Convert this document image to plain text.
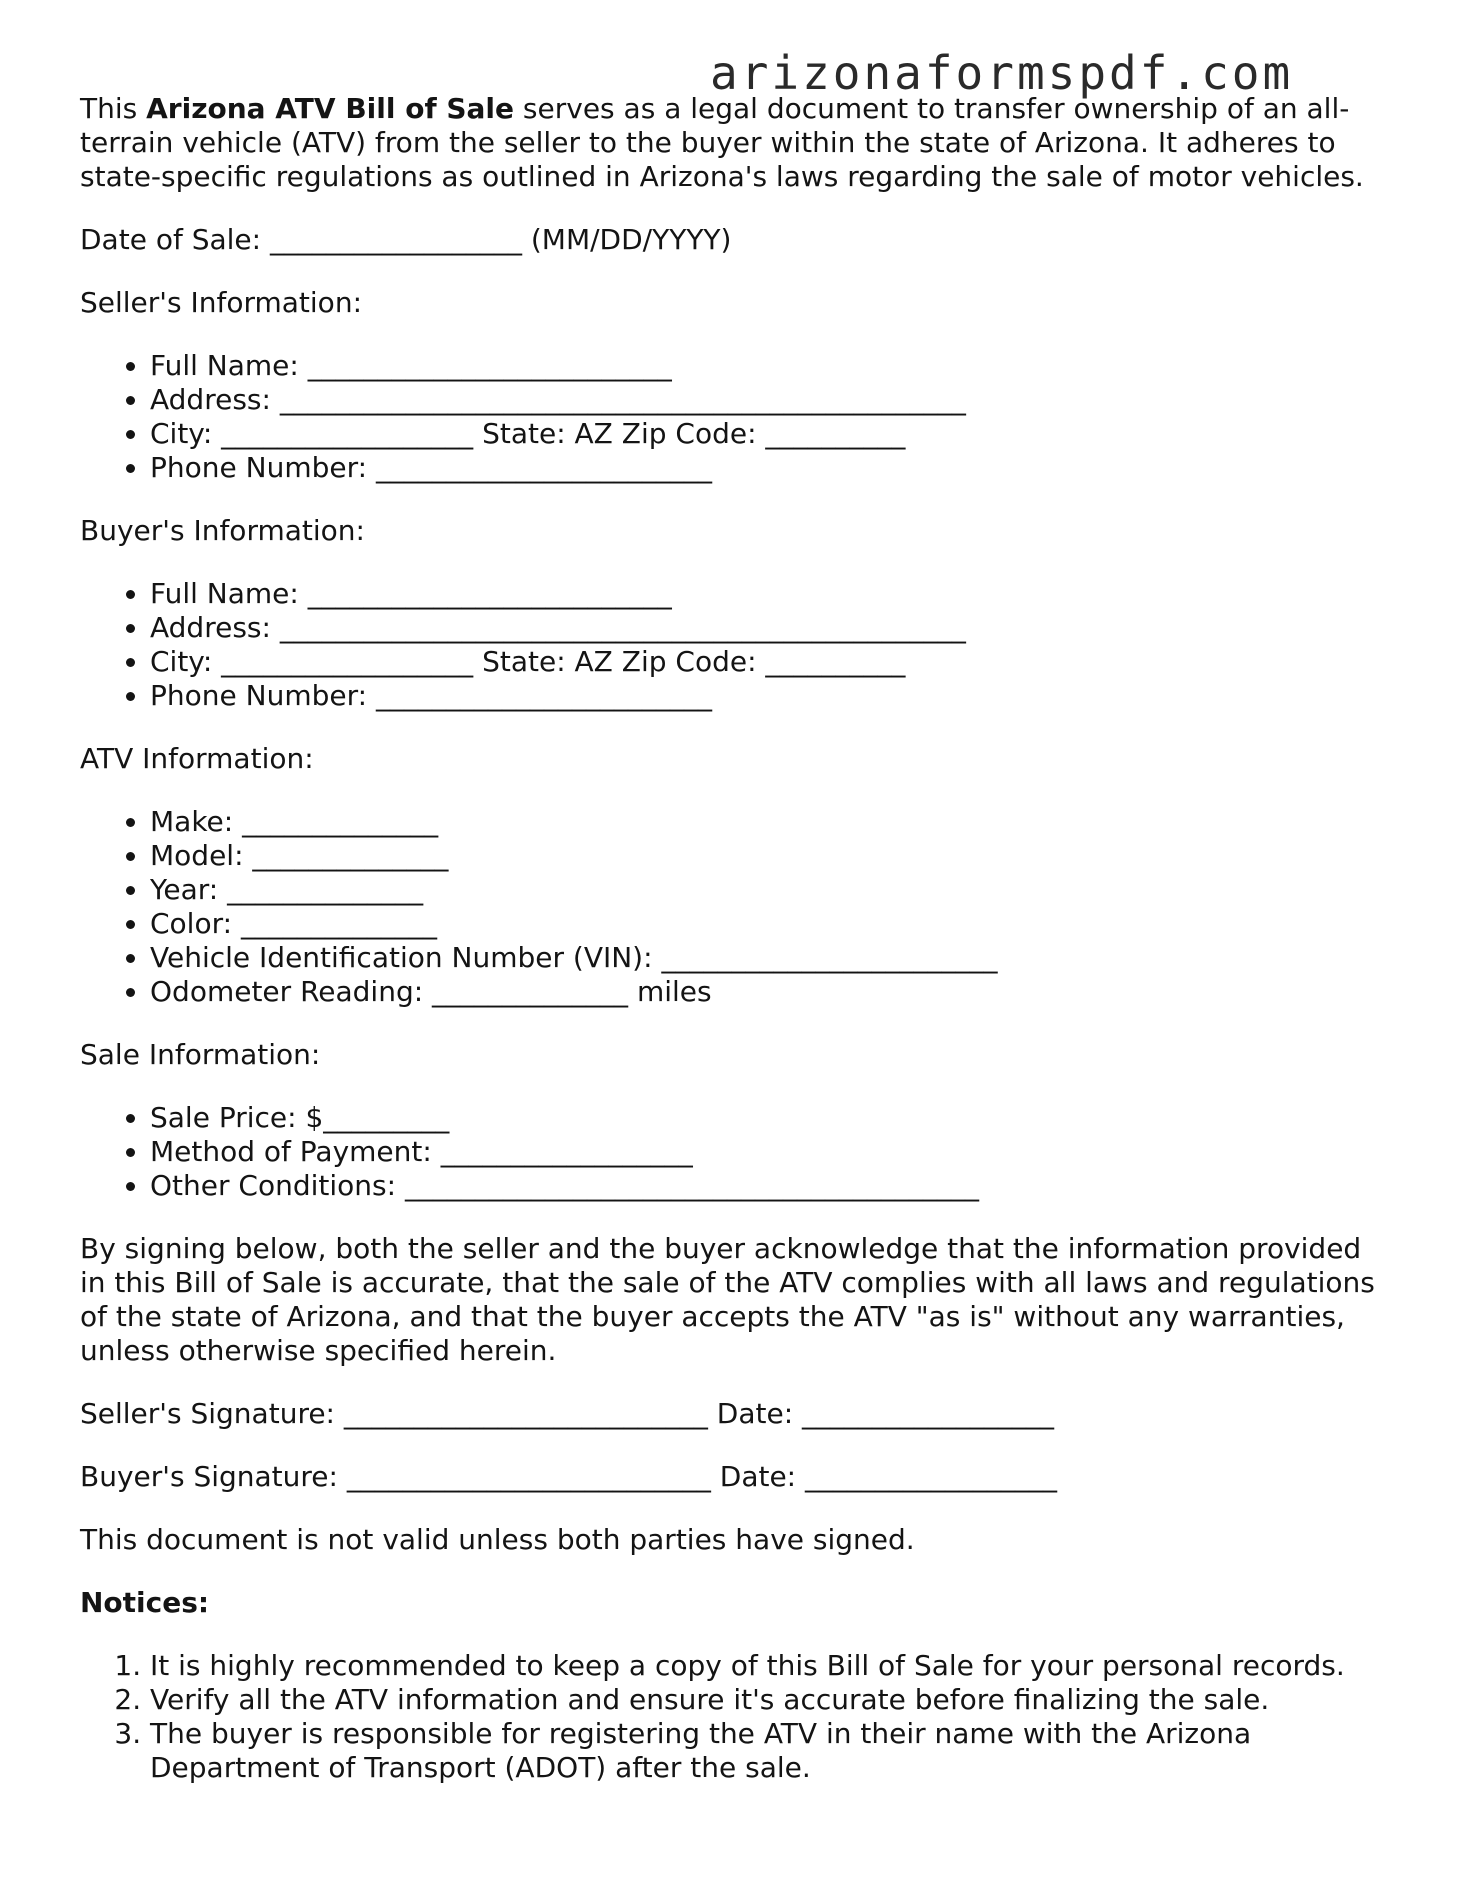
arizonaformspdf.com

This Arizona ATV Bill of Sale serves as a legal document to transfer ownership of an all-terrain vehicle (ATV) from the seller to the buyer within the state of Arizona. It adheres to state-specific regulations as outlined in Arizona's laws regarding the sale of motor vehicles.

Date of Sale: __________________ (MM/DD/YYYY)

Seller's Information:

• Full Name: __________________________
• Address: _________________________________________________
• City: __________________ State: AZ Zip Code: __________
• Phone Number: ________________________

Buyer's Information:

• Full Name: __________________________
• Address: _________________________________________________
• City: __________________ State: AZ Zip Code: __________
• Phone Number: ________________________

ATV Information:

• Make: ______________
• Model: ______________
• Year: ______________
• Color: ______________
• Vehicle Identification Number (VIN): ________________________
• Odometer Reading: ______________ miles

Sale Information:

• Sale Price: $_________
• Method of Payment: __________________
• Other Conditions: _________________________________________

By signing below, both the seller and the buyer acknowledge that the information provided in this Bill of Sale is accurate, that the sale of the ATV complies with all laws and regulations of the state of Arizona, and that the buyer accepts the ATV "as is" without any warranties, unless otherwise specified herein.

Seller's Signature: __________________________ Date: __________________

Buyer's Signature: __________________________ Date: __________________

This document is not valid unless both parties have signed.

Notices:

1. It is highly recommended to keep a copy of this Bill of Sale for your personal records.
2. Verify all the ATV information and ensure it's accurate before finalizing the sale.
3. The buyer is responsible for registering the ATV in their name with the Arizona Department of Transport (ADOT) after the sale.
